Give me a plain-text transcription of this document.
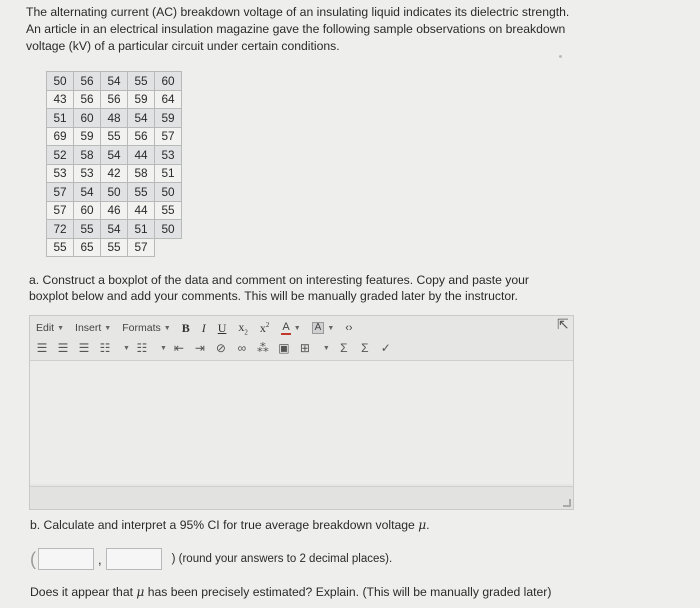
The alternating current (AC) breakdown voltage of an insulating liquid indicates its dielectric strength. An article in an electrical insulation magazine gave the following sample observations on breakdown voltage (kV) of a particular circuit under certain conditions.

50	56	54	55	60
43	56	56	59	64
51	60	48	54	59
69	59	55	56	57
52	58	54	44	53
53	53	42	58	51
57	54	50	55	50
57	60	46	44	55
72	55	54	51	50
55	65	55	57	

a. Construct a boxplot of the data and comment on interesting features. Copy and paste your boxplot below and add your comments. This will be manually graded later by the instructor.

Edit ▼ Insert ▼ Formats ▼ B I U $x_2$ $x^2$ A ▼	A ▼ ‹›
☰ ☰ ☰ ☷ ▼ ☷ ▼ ⇤ ⇥ ⊘ ∞ ⁂ ▣ ⊞ ▼ Σ Σ ✓
⇱

b. Calculate and interpret a 95% CI for true average breakdown voltage μ.

(	,	) (round your answers to 2 decimal places).

Does it appear that μ has been precisely estimated? Explain. (This will be manually graded later)
